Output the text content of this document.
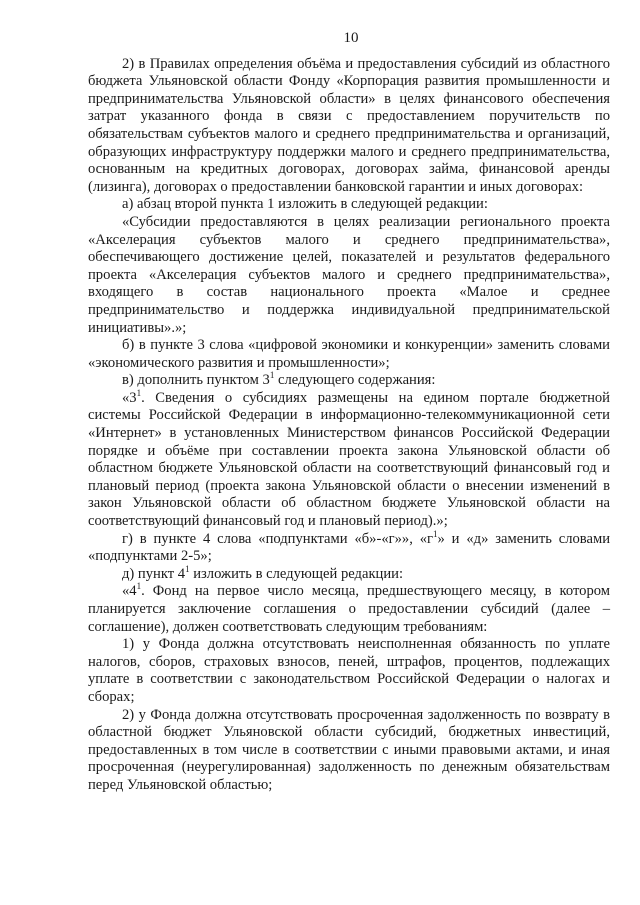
10

2) в Правилах определения объёма и предоставления субсидий из областного бюджета Ульяновской области Фонду «Корпорация развития промышленности и предпринимательства Ульяновской области» в целях финансового обеспечения затрат указанного фонда в связи с предоставлением поручительств по обязательствам субъектов малого и среднего предпринимательства и организаций, образующих инфраструктуру поддержки малого и среднего предпринимательства, основанным на кредитных договорах, договорах займа, финансовой аренды (лизинга), договорах о предоставлении банковской гарантии и иных договорах:

а) абзац второй пункта 1 изложить в следующей редакции:

«Субсидии предоставляются в целях реализации регионального проекта «Акселерация субъектов малого и среднего предпринимательства», обеспечивающего достижение целей, показателей и результатов федерального проекта «Акселерация субъектов малого и среднего предпринимательства», входящего в состав национального проекта «Малое и среднее предпринимательство и поддержка индивидуальной предпринимательской инициативы».»;

б) в пункте 3 слова «цифровой экономики и конкуренции» заменить словами «экономического развития и промышленности»;

в) дополнить пунктом $3^1$ следующего содержания:

«$3^1$. Сведения о субсидиях размещены на едином портале бюджетной системы Российской Федерации в информационно-телекоммуникационной сети «Интернет» в установленных Министерством финансов Российской Федерации порядке и объёме при составлении проекта закона Ульяновской области об областном бюджете Ульяновской области на соответствующий финансовый год и плановый период (проекта закона Ульяновской области о внесении изменений в закон Ульяновской области об областном бюджете Ульяновской области на соответствующий финансовый год и плановый период).»;

г) в пункте 4 слова «подпунктами «б»-«г»», «$г^1$» и «д» заменить словами «подпунктами 2-5»;

д) пункт $4^1$ изложить в следующей редакции:

«$4^1$. Фонд на первое число месяца, предшествующего месяцу, в котором планируется заключение соглашения о предоставлении субсидий (далее – соглашение), должен соответствовать следующим требованиям:

1) у Фонда должна отсутствовать неисполненная обязанность по уплате налогов, сборов, страховых взносов, пеней, штрафов, процентов, подлежащих уплате в соответствии с законодательством Российской Федерации о налогах и сборах;

2) у Фонда должна отсутствовать просроченная задолженность по возврату в областной бюджет Ульяновской области субсидий, бюджетных инвестиций, предоставленных в том числе в соответствии с иными правовыми актами, и иная просроченная (неурегулированная) задолженность по денежным обязательствам перед Ульяновской областью;
